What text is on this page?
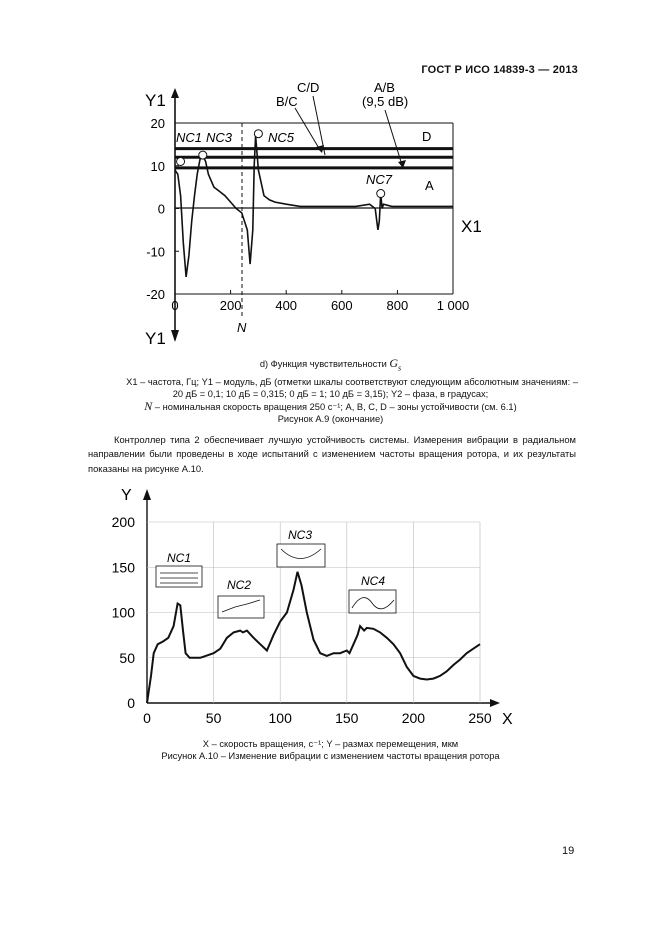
ГОСТ Р ИСО 14839-3 — 2013
0	200	400	600	800 1 000
20
10
0
-10
-20
Y1
Y1
X1
C/D
B/C
A/B
(9,5 dB)
D
A
N
NC1 NC3	NC5
NC7
d) Функция чувствительности $G_s$
X1 – частота, Гц; Y1 – модуль, дБ (отметки шкалы соответствуют следующим абсолютным значениям: –
20 дБ = 0,1; 10 дБ = 0,315; 0 дБ = 1; 10 дБ = 3,15); Y2 – фаза, в градусах;
N – номинальная скорость вращения 250 с⁻¹; A, B, C, D – зоны устойчивости (см. 6.1)
Рисунок А.9 (окончание)
Контроллер типа 2 обеспечивает лучшую устойчивость системы. Измерения вибрации в радиальном направлении были проведены в ходе испытаний с изменением частоты вращения ротора, и их результаты показаны на рисунке А.10.
0	50	100	150	200	250
200
150
100
50
0
Y
X
NC1
NC2
NC3
NC4
X – скорость вращения, с⁻¹; Y – размах перемещения, мкм
Рисунок А.10 – Изменение вибрации с изменением частоты вращения ротора
19
